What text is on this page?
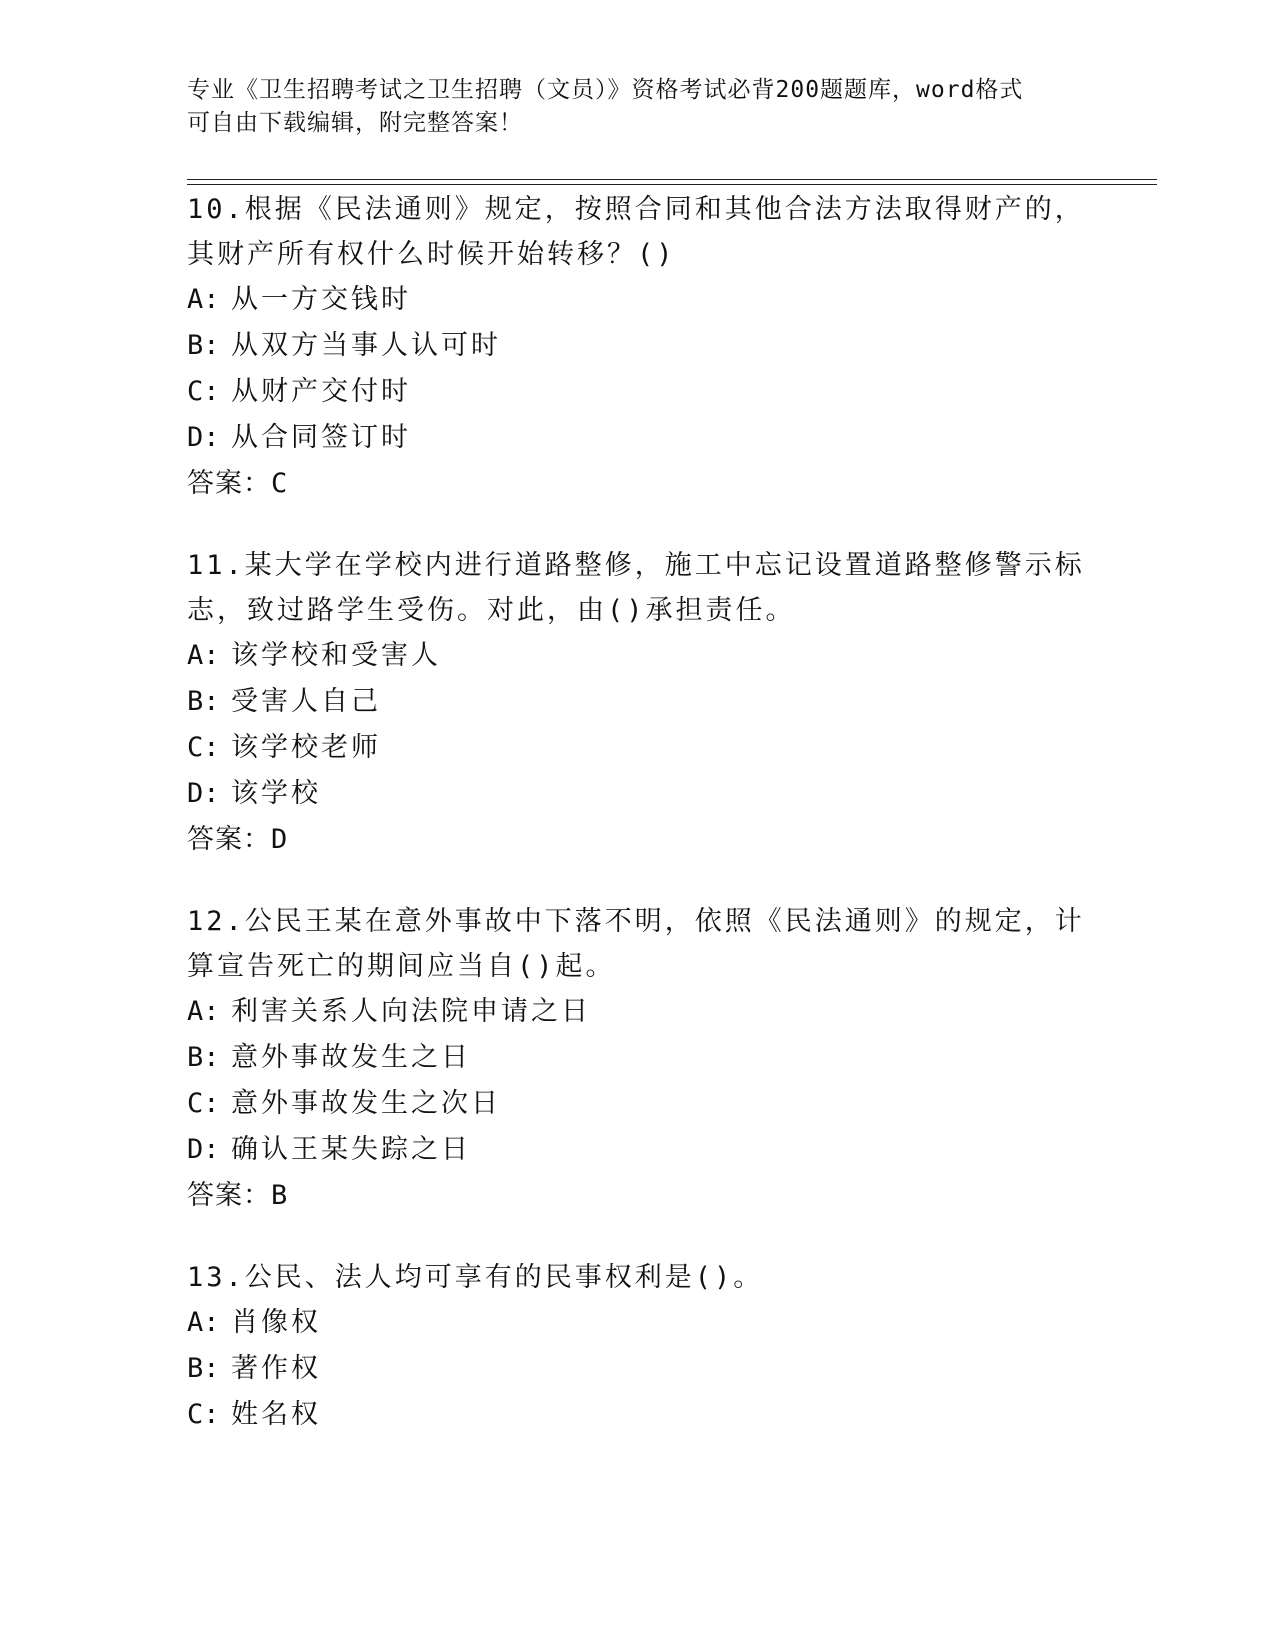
专业《卫生招聘考试之卫生招聘（文员）》资格考试必背200题题库，word格式
可自由下载编辑，附完整答案！
10.根据《民法通则》规定，按照合同和其他合法方法取得财产的，其财产所有权什么时候开始转移？()
A: 从一方交钱时
B: 从双方当事人认可时
C: 从财产交付时
D: 从合同签订时
答案：C
11.某大学在学校内进行道路整修，施工中忘记设置道路整修警示标志，致过路学生受伤。对此，由()承担责任。
A: 该学校和受害人
B: 受害人自己
C: 该学校老师
D: 该学校
答案：D
12.公民王某在意外事故中下落不明，依照《民法通则》的规定，计算宣告死亡的期间应当自()起。
A: 利害关系人向法院申请之日
B: 意外事故发生之日
C: 意外事故发生之次日
D: 确认王某失踪之日
答案：B
13.公民、法人均可享有的民事权利是()。
A: 肖像权
B: 著作权
C: 姓名权
